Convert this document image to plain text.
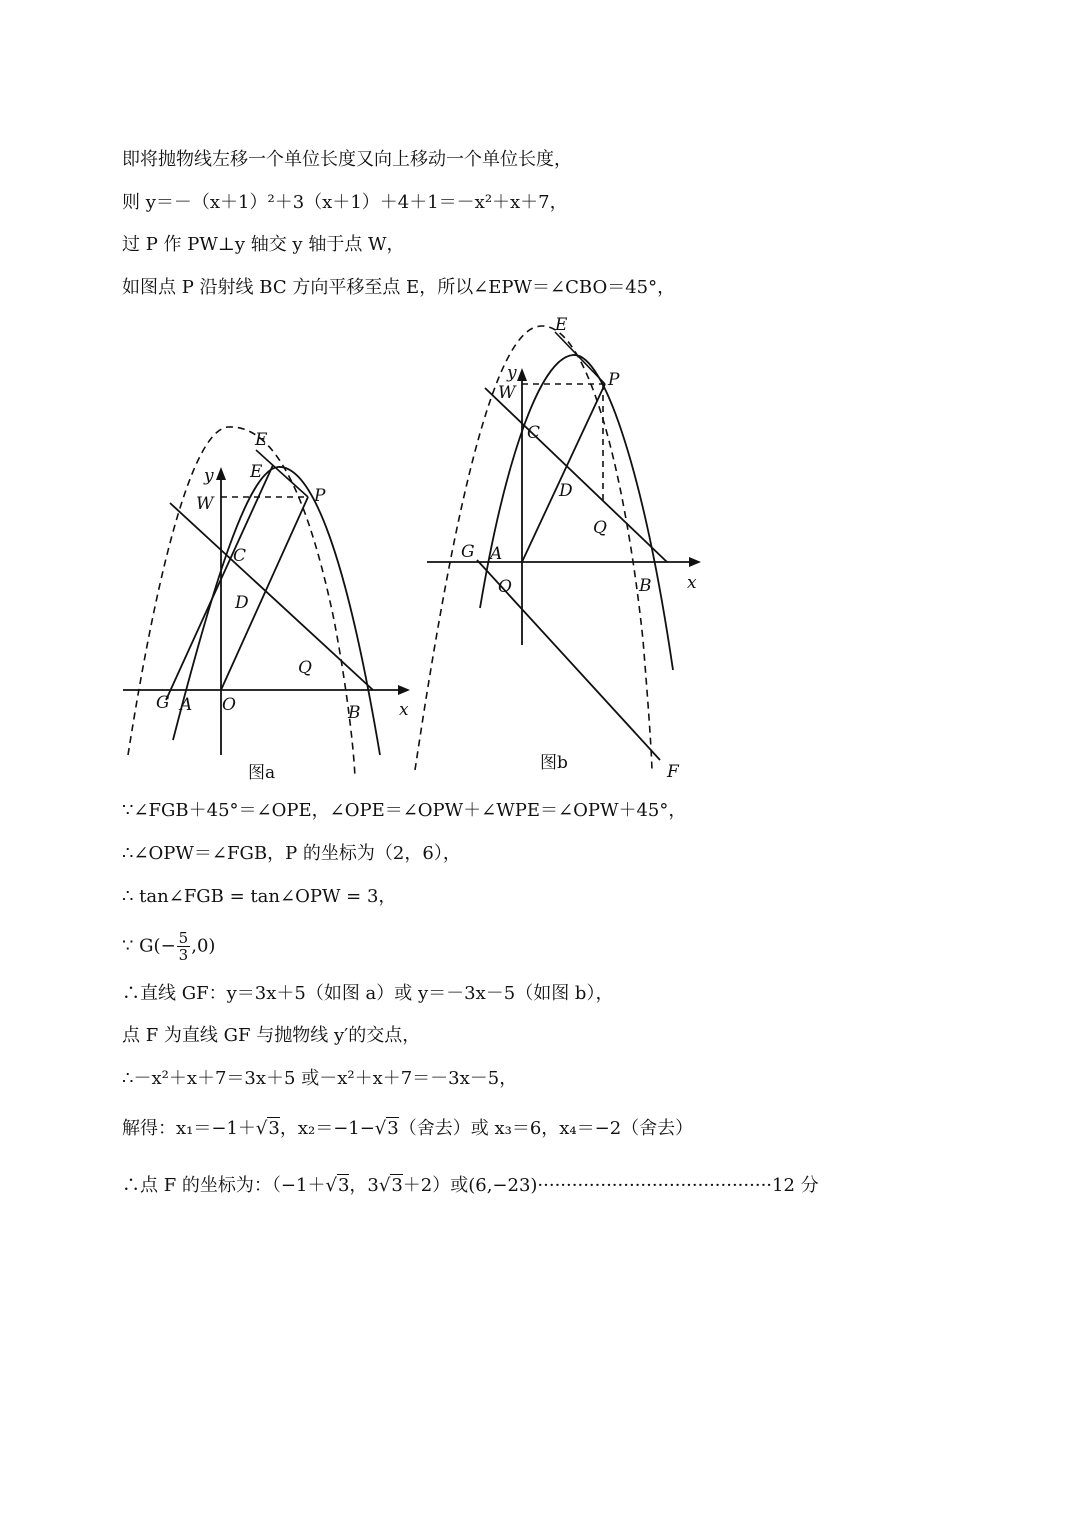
即将抛物线左移一个单位长度又向上移动一个单位长度，
则 y＝－（x＋1）²＋3（x＋1）＋4＋1＝－x²＋x＋7，
过 P 作 PW⊥y 轴交 y 轴于点 W，
如图点 P 沿射线 BC 方向平移至点 E，所以∠EPW＝∠CBO＝45°，
E
E
y
W	P
C
D
Q
G A O	B x
图a
E
y	P
W
C
D
Q
G A
O	B x
F
图b
∵∠FGB＋45°＝∠OPE，∠OPE＝∠OPW＋∠WPE＝∠OPW＋45°，
∴∠OPW＝∠FGB，P 的坐标为（2，6），
∴ tan∠FGB = tan∠OPW = 3，
∵ $G(- \frac{5}{3} ,0)$
∴直线 GF：y＝3x＋5（如图 a）或 y＝－3x－5（如图 b），
点 F 为直线 GF 与抛物线 y′的交点，
∴－x²＋x＋7＝3x＋5 或－x²＋x＋7＝－3x－5，
解得：x₁＝−1＋√3，x₂＝−1−√3（舍去）或 x₃＝6，x₄＝−2（舍去）
∴点 F 的坐标为：（−1＋√3，3√3＋2）或(6,−23)·········································12 分
